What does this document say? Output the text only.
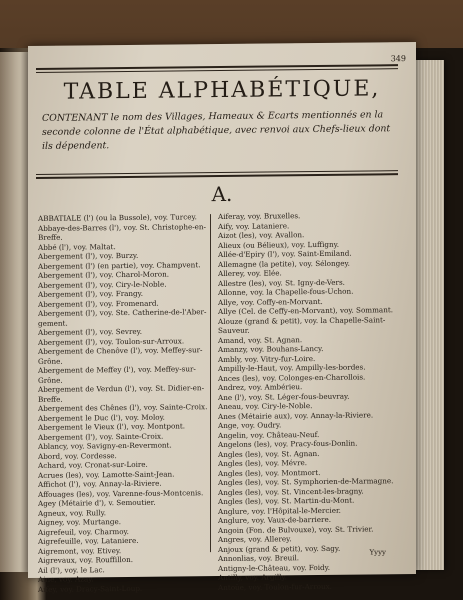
349
TABLE ALPHABÉTIQUE,
CONTENANT le nom des Villages, Hameaux & Ecarts mentionnés en la seconde colonne de l'État alphabétique, avec renvoi aux Chefs-lieux dont ils dépendent.
A.
ABBATIALE (l') (ou la Bussole), voy. Turcey.
Abbaye-des-Barres (l'), voy. St. Christophe-en-
Breffe.
Abbé (l'), voy. Maltat.
Abergement (l'), voy. Burzy.
Abergement (l') (en partie), voy. Champvent.
Abergement (l'), voy. Charol-Moron.
Abergement (l'), voy. Ciry-le-Noble.
Abergement (l'), voy. Frangy.
Abergement (l'), voy. Fromenard.
Abergement (l'), voy. Ste. Catherine-de-l'Aber-
gement.
Abergement (l'), voy. Sevrey.
Abergement (l'), voy. Toulon-sur-Arroux.
Abergement de Chenôve (l'), voy. Meffey-sur-
Grône.
Abergement de Meffey (l'), voy. Meffey-sur-
Grône.
Abergement de Verdun (l'), voy. St. Didier-en-
Breffe.
Abergement des Chênes (l'), voy. Sainte-Croix.
Abergement le Duc (l'), voy. Moloy.
Abergement le Vieux (l'), voy. Montpont.
Abergement (l'), voy. Sainte-Croix.
Ablancy, voy. Savigny-en-Revermont.
Abord, voy. Cordesse.
Achard, voy. Cronat-sur-Loire.
Acrues (les), voy. Lamotte-Saint-Jean.
Affichot (l'), voy. Annay-la-Riviere.
Affouages (les), voy. Varenne-fous-Montcenis.
Agey (Métairie d'), v. Semoutier.
Agneux, voy. Rully.
Aigney, voy. Murtange.
Aigrefeuil, voy. Charmoy.
Aigrefeuille, voy. Lataniere.
Aigremont, voy. Etivey.
Aigrevaux, voy. Rouffillon.
Ail (l'), voy. le Lac.
Aine, voy. Azay.
Aifey, voy. Dracy-Saint-Loup.
Aiferay, voy. Bruxelles.
Aify, voy. Lataniere.
Aizot (les), voy. Avallon.
Alieux (ou Bélieux), voy. Luffigny.
Allée-d'Epiry (l'), voy. Saint-Emiland.
Allemagne (la petite), voy. Sélongey.
Allerey, voy. Elée.
Allestre (les), voy. St. Igny-de-Vers.
Allonne, voy. la Chapelle-fous-Uchon.
Allye, voy. Coffy-en-Morvant.
Allye (Cel. de Ceffy-en-Morvant), voy. Sommant.
Alouze (grand & petit), voy. la Chapelle-Saint-
Sauveur.
Amand, voy. St. Agnan.
Amanzy, voy. Bouhans-Lancy.
Ambly, voy. Vitry-fur-Loire.
Ampilly-le-Haut, voy. Ampilly-les-bordes.
Ances (les), voy. Colonges-en-Charollois.
Andrez, voy. Ambérieu.
Ane (l'), voy. St. Léger-fous-beuvray.
Aneau, voy. Ciry-le-Noble.
Anes (Métairie aux), voy. Annay-la-Riviere.
Ange, voy. Oudry.
Angelin, voy. Château-Neuf.
Angelons (les), voy. Pracy-fous-Donlin.
Angles (les), voy. St. Agnan.
Angles (les), voy. Mévre.
Angles (les), voy. Montmort.
Angles (les), voy. St. Symphorien-de-Marmagne.
Angles (les), voy. St. Vincent-les-bragny.
Angles (les), voy. St. Martin-du-Mont.
Anglure, voy. l'Hôpital-le-Mercier.
Anglure, voy. Vaux-de-barriere.
Angoin (Fon. de Bulvouxe), voy. St. Trivier.
Angres, voy. Allerey.
Anjoux (grand & petit), voy. Sagy.
Annonlias, voy. Breuil.
Antigny-le-Château, voy. Foidy.
Antilly, voy. Argilly.
Antoüe, voy. Toulon-fur-Arroux.
Yyyy
